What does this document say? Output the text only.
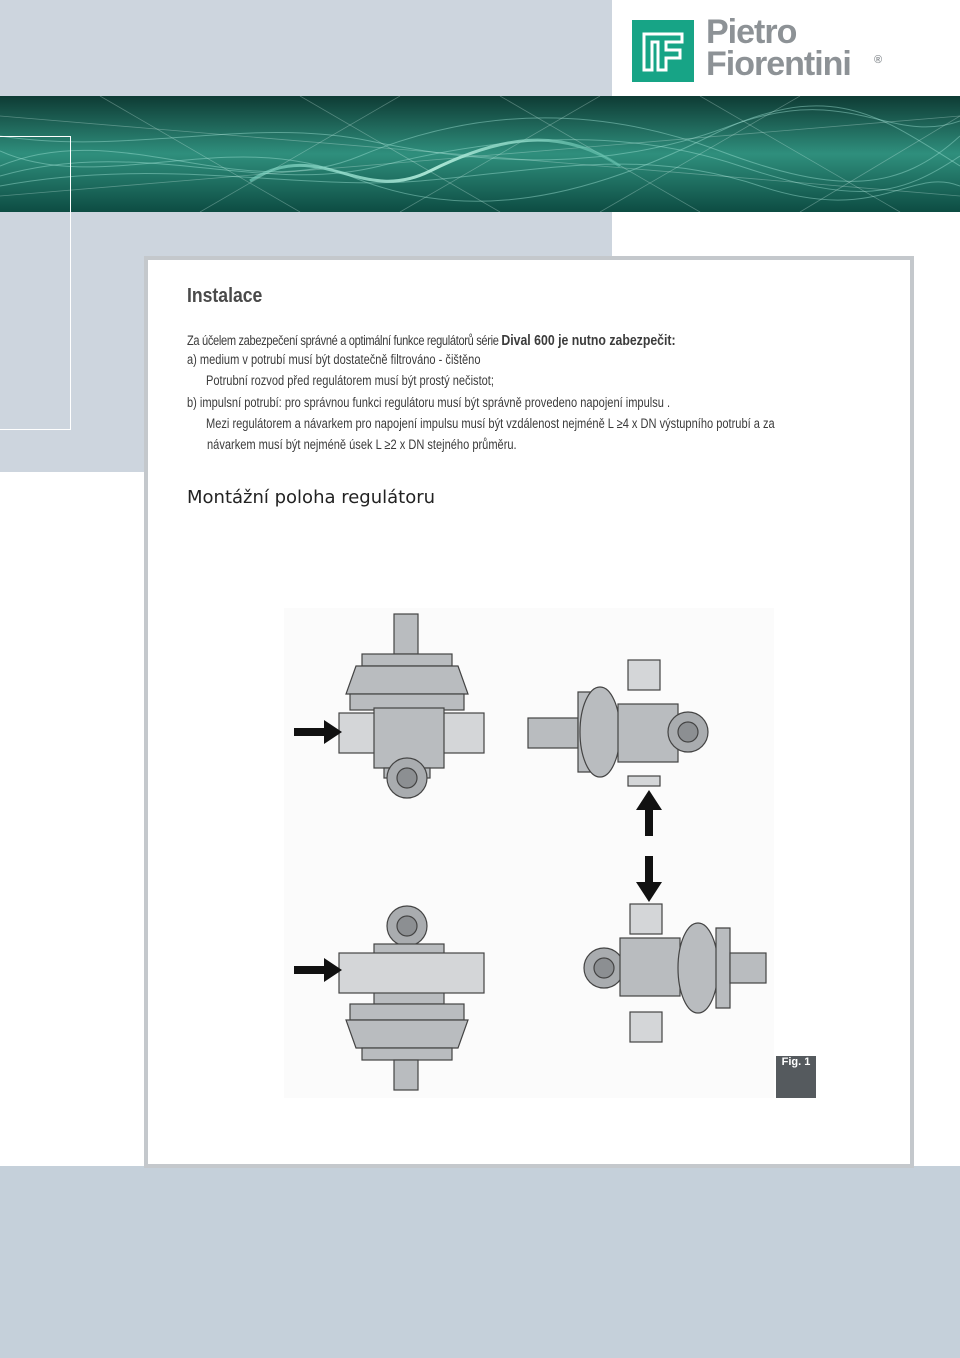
Pietro
Fiorentini ®
Instalace
Za účelem zabezpečení správné a optimální funkce regulátorů série Dival 600 je nutno zabezpečit:
a) medium v potrubí musí být dostatečně filtrováno - čištěno
Potrubní rozvod před regulátorem musí být prostý nečistot;
b) impulsní potrubí: pro správnou funkci regulátoru musí být správně provedeno napojení impulsu .
Mezi regulátorem a návarkem pro napojení impulsu musí být vzdálenost nejméně L ≥4 x DN výstupního potrubí a za
návarkem musí být nejméně úsek L ≥2 x DN stejného průměru.
Montážní poloha regulátoru
Fig. 1
